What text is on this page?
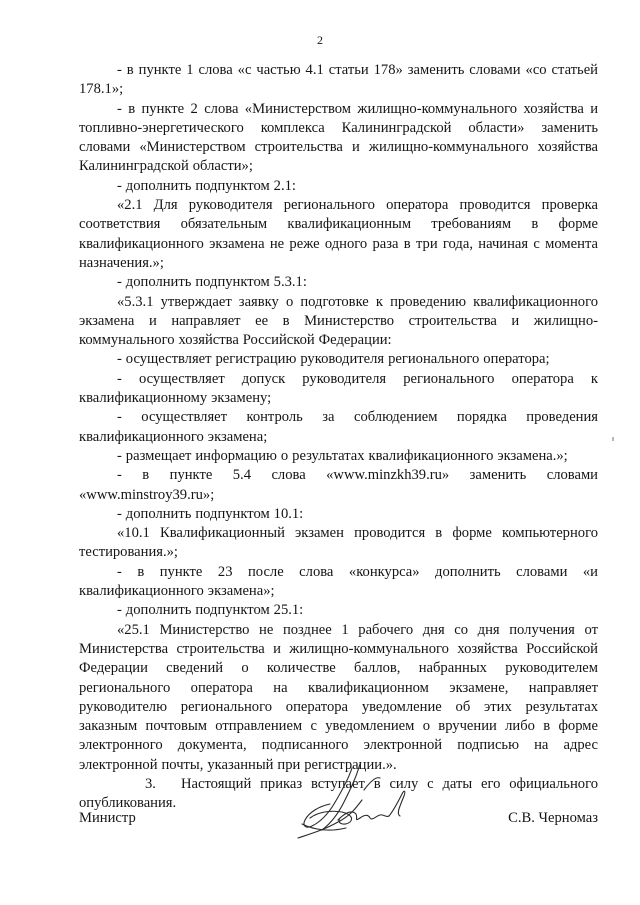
2

- в пункте 1 слова «с частью 4.1 статьи 178» заменить словами «со статьей 178.1»;

- в пункте 2 слова «Министерством жилищно-коммунального хозяйства и топливно-энергетического комплекса Калининградской области» заменить словами «Министерством строительства и жилищно-коммунального хозяйства Калининградской области»;

- дополнить подпунктом 2.1:

«2.1 Для руководителя регионального оператора проводится проверка соответствия обязательным квалификационным требованиям в форме квалификационного экзамена не реже одного раза в три года, начиная с момента назначения.»;

- дополнить подпунктом 5.3.1:

«5.3.1 утверждает заявку о подготовке к проведению квалификационного экзамена и направляет ее в Министерство строительства и жилищно-коммунального хозяйства Российской Федерации:

- осуществляет регистрацию руководителя регионального оператора;

- осуществляет допуск руководителя регионального оператора к квалификационному экзамену;

- осуществляет контроль за соблюдением порядка проведения квалификационного экзамена;

- размещает информацию о результатах квалификационного экзамена.»;

- в пункте 5.4 слова «www.minzkh39.ru» заменить словами «www.minstroy39.ru»;

- дополнить подпунктом 10.1:

«10.1 Квалификационный экзамен проводится в форме компьютерного тестирования.»;

- в пункте 23 после слова «конкурса» дополнить словами «и квалификационного экзамена»;

- дополнить подпунктом 25.1:

«25.1 Министерство не позднее 1 рабочего дня со дня получения от Министерства строительства и жилищно-коммунального хозяйства Российской Федерации сведений о количестве баллов, набранных руководителем регионального оператора на квалификационном экзамене, направляет руководителю регионального оператора уведомление об этих результатах заказным почтовым отправлением с уведомлением о вручении либо в форме электронного документа, подписанного электронной подписью на адрес электронной почты, указанный при регистрации.».

3. Настоящий приказ вступает в силу с даты его официального опубликования.

Министр	С.В. Черномаз
